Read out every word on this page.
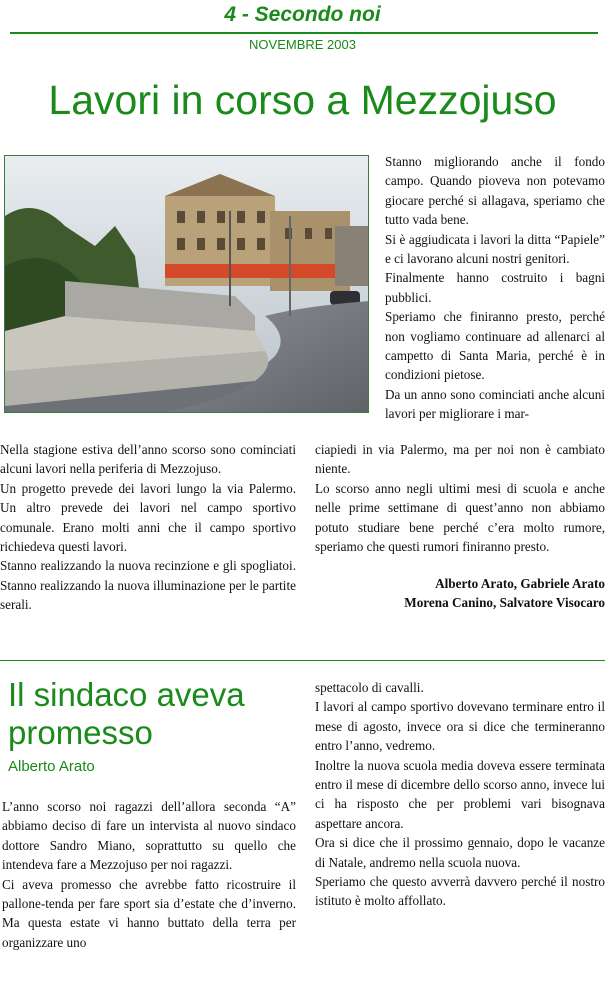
4 - Secondo noi
NOVEMBRE 2003
Lavori in corso a Mezzojuso

Stanno migliorando anche il fondo campo. Quando pioveva non potevamo giocare perché si allagava, speriamo che tutto vada bene.

Si è aggiudicata i lavori la ditta “Papiele” e ci lavorano alcuni nostri genitori.

Finalmente hanno costruito i bagni pubblici.

Speriamo che finiranno presto, perché non vogliamo continuare ad allenarci al campetto di Santa Maria, perché è in condizioni pietose.

Da un anno sono cominciati anche alcuni lavori per migliorare i mar-

ciapiedi in via Palermo, ma per noi non è cambiato niente.

Lo scorso anno negli ultimi mesi di scuola e anche nelle prime settimane di quest’anno non abbiamo potuto studiare bene perché c’era molto rumore, speriamo che questi rumori finiranno presto.

Nella stagione estiva dell’anno scorso sono cominciati alcuni lavori nella periferia di Mezzojuso.

Un progetto prevede dei lavori lungo la via Palermo. Un altro prevede dei lavori nel campo sportivo comunale. Erano molti anni che il campo sportivo richiedeva questi lavori.

Stanno realizzando la nuova recinzione e gli spogliatoi. Stanno realizzando la nuova illuminazione per le partite serali.

Alberto Arato, Gabriele Arato
Morena Canino, Salvatore Visocaro
Il sindaco aveva
promesso
Alberto Arato

L’anno scorso noi ragazzi dell’allora seconda “A” abbiamo deciso di fare un intervista al nuovo sindaco dottore Sandro Miano, soprattutto su quello che intendeva fare a Mezzojuso per noi ragazzi.

Ci aveva promesso che avrebbe fatto ricostruire il pallone-tenda per fare sport sia d’estate che d’inverno. Ma questa estate vi hanno buttato della terra per organizzare uno

spettacolo di cavalli.

I lavori al campo sportivo dovevano terminare entro il mese di agosto, invece ora si dice che termineranno entro l’anno, vedremo.

Inoltre la nuova scuola media doveva essere terminata entro il mese di dicembre dello scorso anno, invece lui ci ha risposto che per problemi vari bisognava aspettare ancora.

Ora si dice che il prossimo gennaio, dopo le vacanze di Natale, andremo nella scuola nuova.

Speriamo che questo avverrà davvero perché il nostro istituto è molto affollato.
